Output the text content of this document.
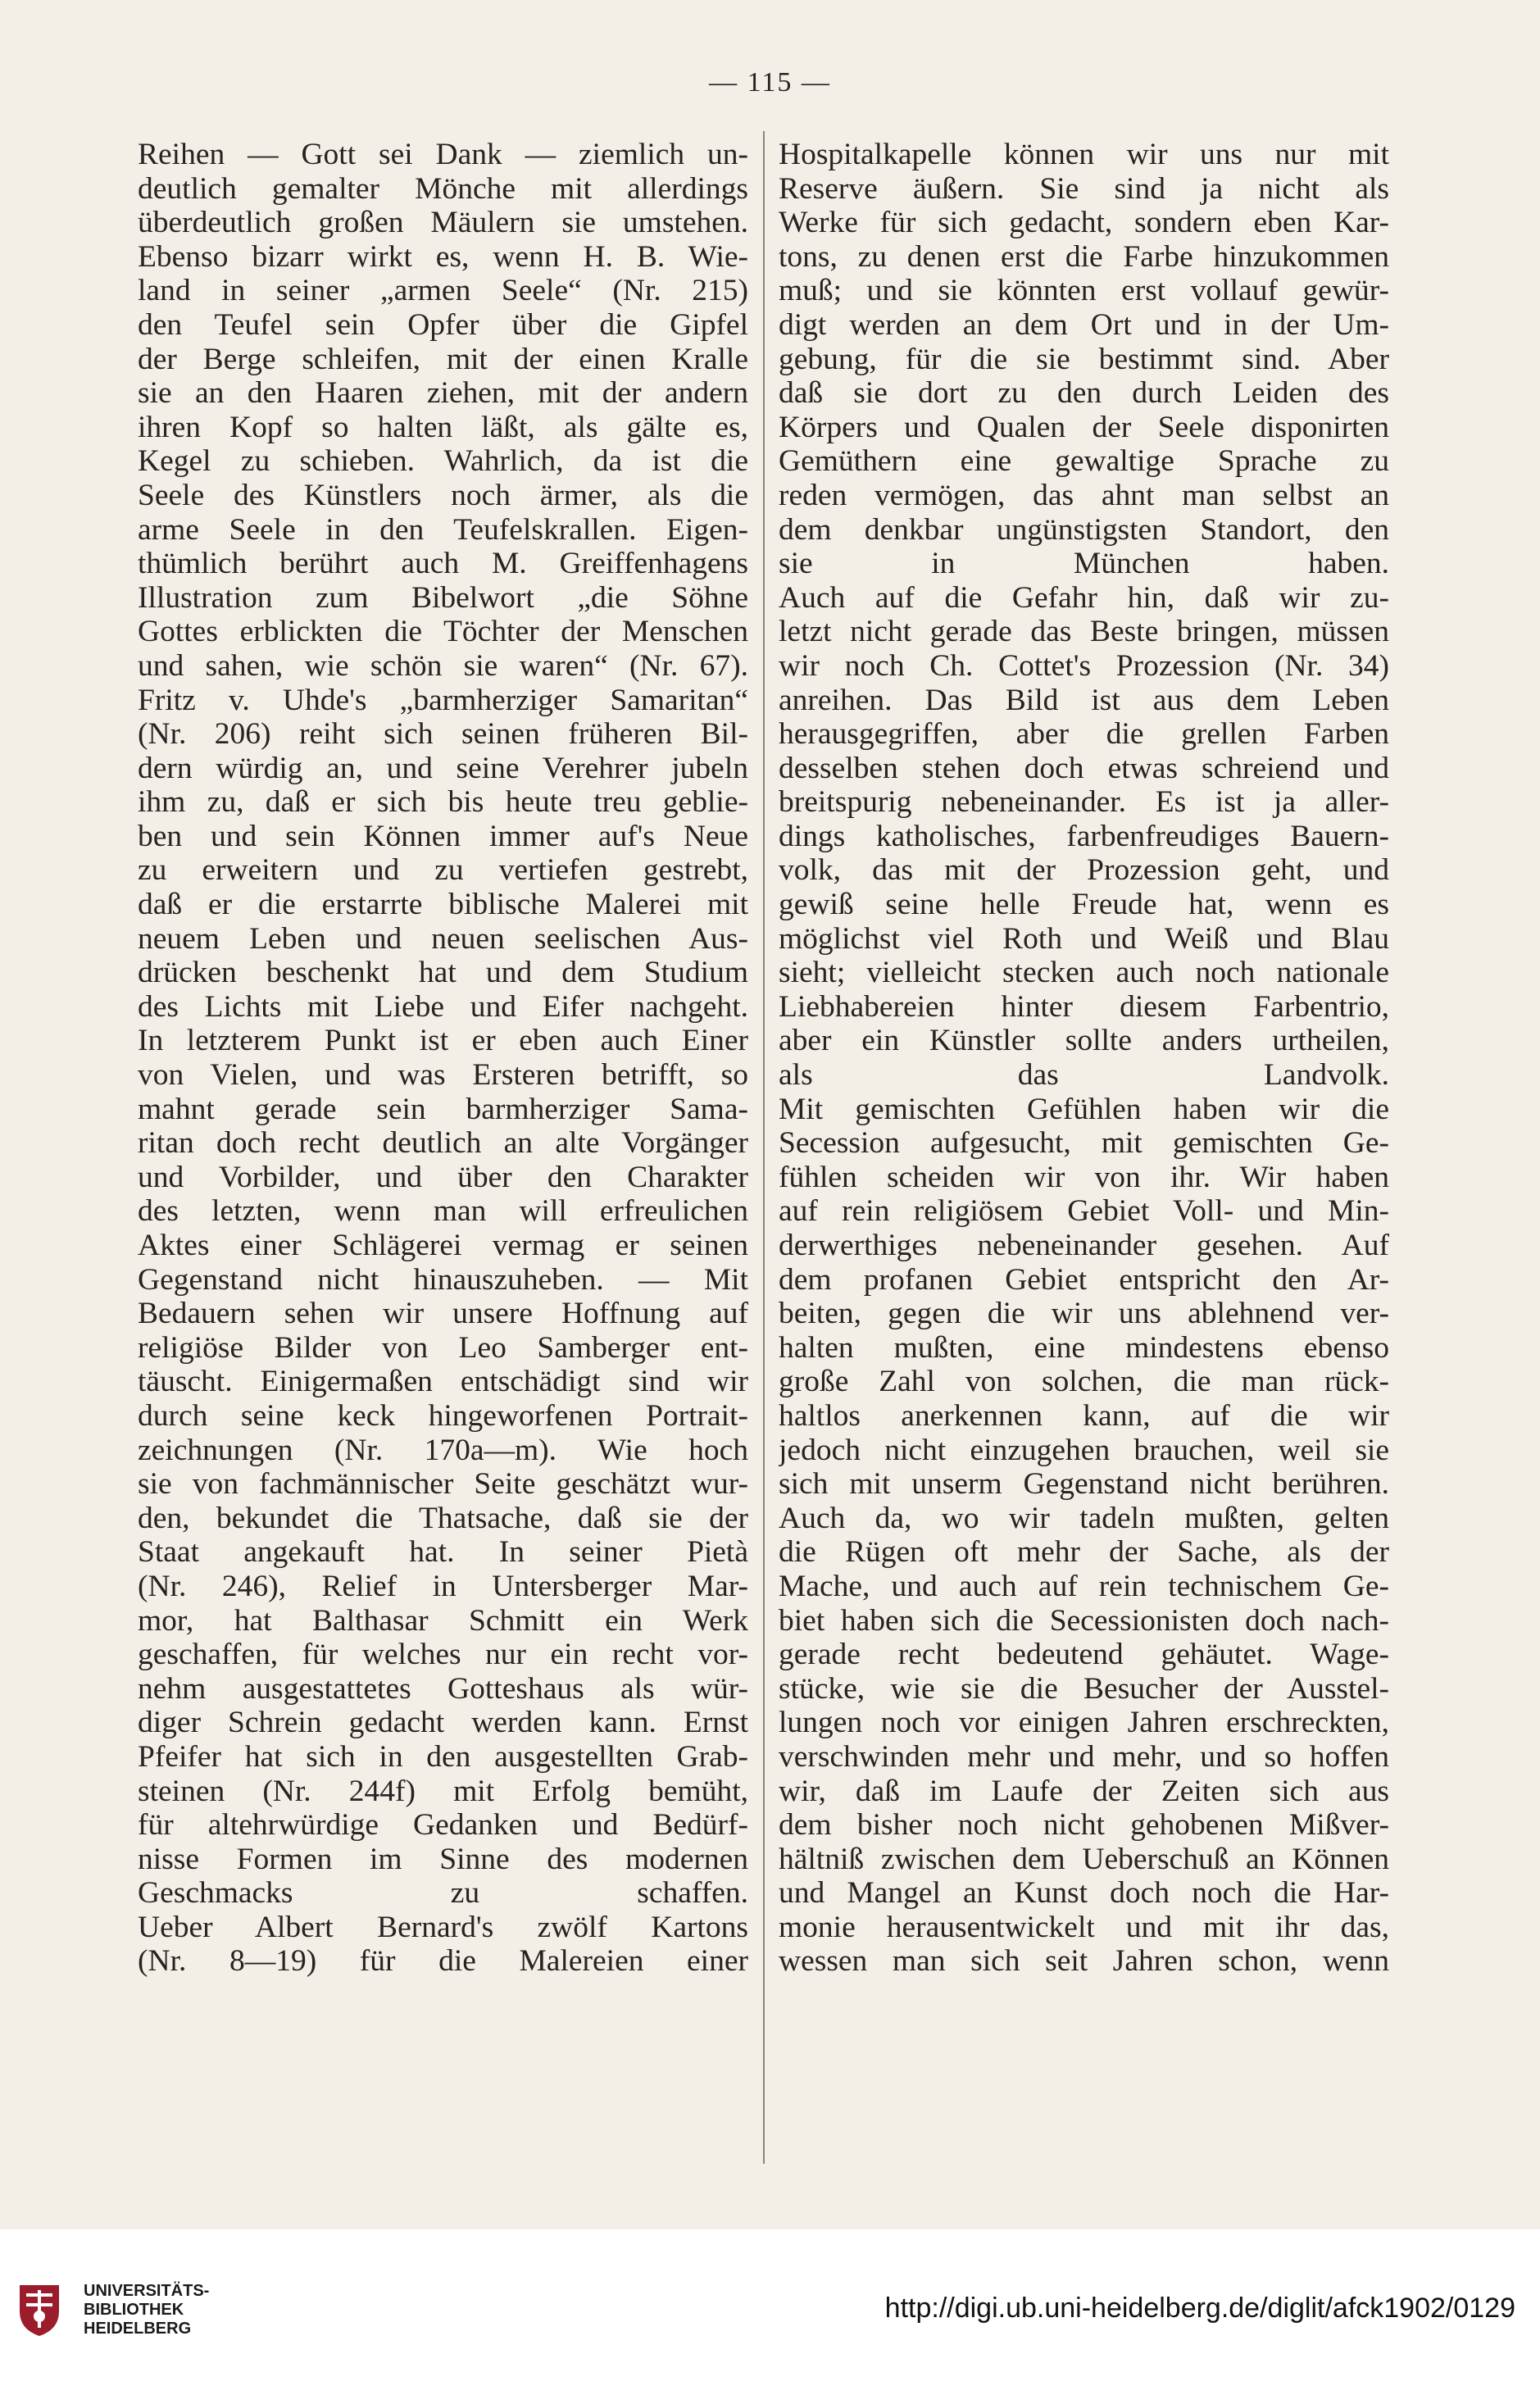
— 115 —
Reihen — Gott sei Dank — ziemlich un-
deutlich gemalter Mönche mit allerdings
überdeutlich großen Mäulern sie umstehen.
Ebenso bizarr wirkt es, wenn H. B. Wie-
land in seiner „armen Seele“ (Nr. 215)
den Teufel sein Opfer über die Gipfel
der Berge schleifen, mit der einen Kralle
sie an den Haaren ziehen, mit der andern
ihren Kopf so halten läßt, als gälte es,
Kegel zu schieben. Wahrlich, da ist die
Seele des Künstlers noch ärmer, als die
arme Seele in den Teufelskrallen. Eigen-
thümlich berührt auch M. Greiffenhagens
Illustration zum Bibelwort „die Söhne
Gottes erblickten die Töchter der Menschen
und sahen, wie schön sie waren“ (Nr. 67).
Fritz v. Uhde's „barmherziger Samaritan“
(Nr. 206) reiht sich seinen früheren Bil-
dern würdig an, und seine Verehrer jubeln
ihm zu, daß er sich bis heute treu geblie-
ben und sein Können immer auf's Neue
zu erweitern und zu vertiefen gestrebt,
daß er die erstarrte biblische Malerei mit
neuem Leben und neuen seelischen Aus-
drücken beschenkt hat und dem Studium
des Lichts mit Liebe und Eifer nachgeht.
In letzterem Punkt ist er eben auch Einer
von Vielen, und was Ersteren betrifft, so
mahnt gerade sein barmherziger Sama-
ritan doch recht deutlich an alte Vorgänger
und Vorbilder, und über den Charakter
des letzten, wenn man will erfreulichen
Aktes einer Schlägerei vermag er seinen
Gegenstand nicht hinauszuheben. — Mit
Bedauern sehen wir unsere Hoffnung auf
religiöse Bilder von Leo Samberger ent-
täuscht. Einigermaßen entschädigt sind wir
durch seine keck hingeworfenen Portrait-
zeichnungen (Nr. 170a—m). Wie hoch
sie von fachmännischer Seite geschätzt wur-
den, bekundet die Thatsache, daß sie der
Staat angekauft hat. In seiner Pietà
(Nr. 246), Relief in Untersberger Mar-
mor, hat Balthasar Schmitt ein Werk
geschaffen, für welches nur ein recht vor-
nehm ausgestattetes Gotteshaus als wür-
diger Schrein gedacht werden kann. Ernst
Pfeifer hat sich in den ausgestellten Grab-
steinen (Nr. 244f) mit Erfolg bemüht,
für altehrwürdige Gedanken und Bedürf-
nisse Formen im Sinne des modernen
Geschmacks zu schaffen.
Ueber Albert Bernard's zwölf Kartons
(Nr. 8—19) für die Malereien einer
Hospitalkapelle können wir uns nur mit
Reserve äußern. Sie sind ja nicht als
Werke für sich gedacht, sondern eben Kar-
tons, zu denen erst die Farbe hinzukommen
muß; und sie könnten erst vollauf gewür-
digt werden an dem Ort und in der Um-
gebung, für die sie bestimmt sind. Aber
daß sie dort zu den durch Leiden des
Körpers und Qualen der Seele disponirten
Gemüthern eine gewaltige Sprache zu
reden vermögen, das ahnt man selbst an
dem denkbar ungünstigsten Standort, den
sie in München haben.
Auch auf die Gefahr hin, daß wir zu-
letzt nicht gerade das Beste bringen, müssen
wir noch Ch. Cottet's Prozession (Nr. 34)
anreihen. Das Bild ist aus dem Leben
herausgegriffen, aber die grellen Farben
desselben stehen doch etwas schreiend und
breitspurig nebeneinander. Es ist ja aller-
dings katholisches, farbenfreudiges Bauern-
volk, das mit der Prozession geht, und
gewiß seine helle Freude hat, wenn es
möglichst viel Roth und Weiß und Blau
sieht; vielleicht stecken auch noch nationale
Liebhabereien hinter diesem Farbentrio,
aber ein Künstler sollte anders urtheilen,
als das Landvolk.
Mit gemischten Gefühlen haben wir die
Secession aufgesucht, mit gemischten Ge-
fühlen scheiden wir von ihr. Wir haben
auf rein religiösem Gebiet Voll- und Min-
derwerthiges nebeneinander gesehen. Auf
dem profanen Gebiet entspricht den Ar-
beiten, gegen die wir uns ablehnend ver-
halten mußten, eine mindestens ebenso
große Zahl von solchen, die man rück-
haltlos anerkennen kann, auf die wir
jedoch nicht einzugehen brauchen, weil sie
sich mit unserm Gegenstand nicht berühren.
Auch da, wo wir tadeln mußten, gelten
die Rügen oft mehr der Sache, als der
Mache, und auch auf rein technischem Ge-
biet haben sich die Secessionisten doch nach-
gerade recht bedeutend gehäutet. Wage-
stücke, wie sie die Besucher der Ausstel-
lungen noch vor einigen Jahren erschreckten,
verschwinden mehr und mehr, und so hoffen
wir, daß im Laufe der Zeiten sich aus
dem bisher noch nicht gehobenen Mißver-
hältniß zwischen dem Ueberschuß an Können
und Mangel an Kunst doch noch die Har-
monie herausentwickelt und mit ihr das,
wessen man sich seit Jahren schon, wenn
UNIVERSITÄTS-
BIBLIOTHEK
HEIDELBERG
http://digi.ub.uni-heidelberg.de/diglit/afck1902/0129
